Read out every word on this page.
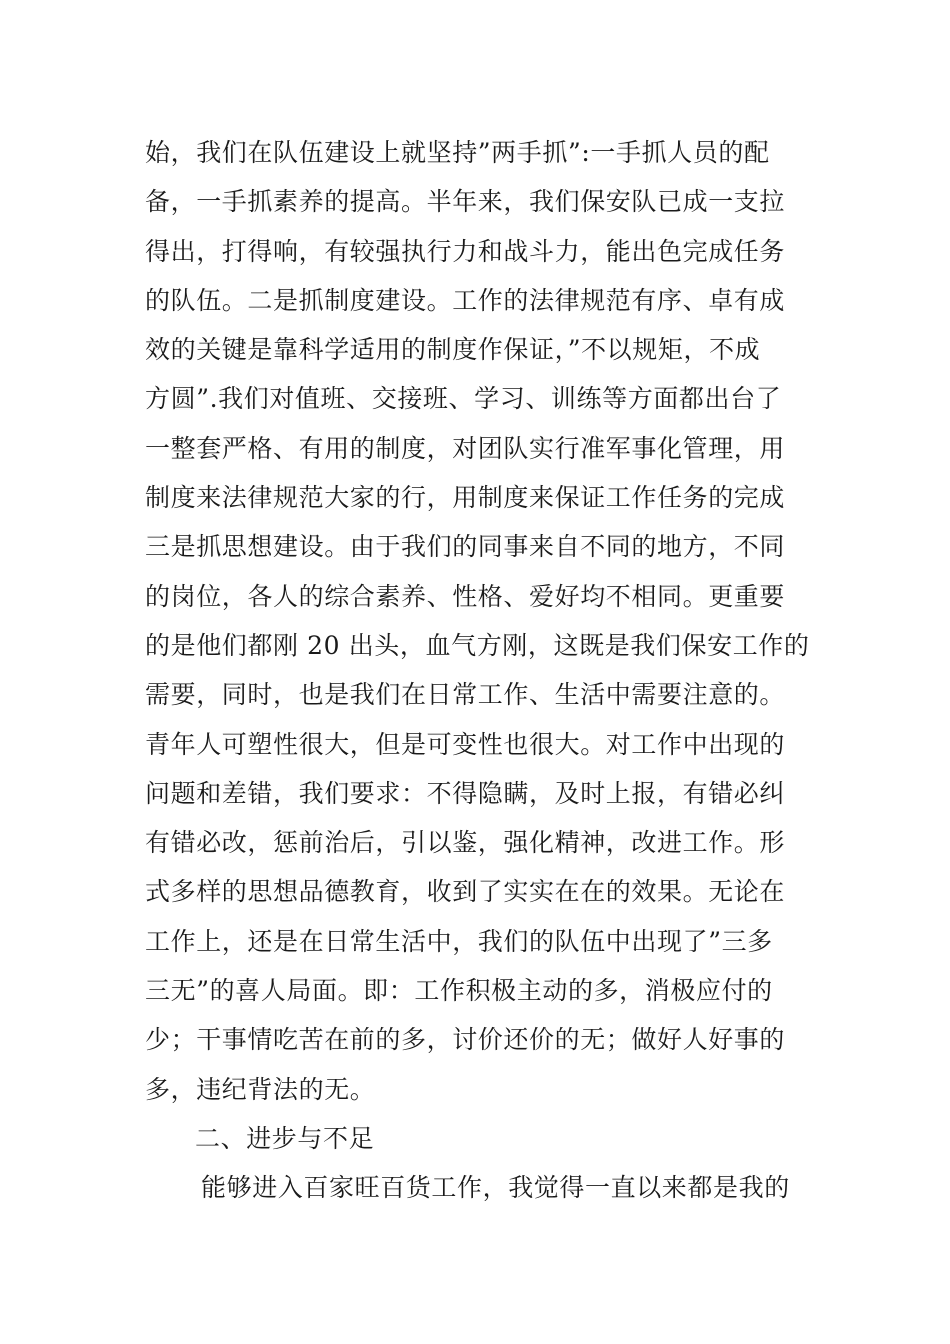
始，我们在队伍建设上就坚持”两手抓”:一手抓人员的配
备，一手抓素养的提高。半年来，我们保安队已成一支拉
得出，打得响，有较强执行力和战斗力，能出色完成任务
的队伍。二是抓制度建设。工作的法律规范有序、卓有成
效的关键是靠科学适用的制度作保证，”不以规矩，不成
方圆”.我们对值班、交接班、学习、训练等方面都出台了
一整套严格、有用的制度，对团队实行准军事化管理，用
制度来法律规范大家的行，用制度来保证工作任务的完成
三是抓思想建设。由于我们的同事来自不同的地方，不同
的岗位，各人的综合素养、性格、爱好均不相同。更重要
的是他们都刚 20 出头，血气方刚，这既是我们保安工作的
需要，同时，也是我们在日常工作、生活中需要注意的。
青年人可塑性很大，但是可变性也很大。对工作中出现的
问题和差错，我们要求：不得隐瞒，及时上报，有错必纠
有错必改，惩前治后，引以鉴，强化精神，改进工作。形
式多样的思想品德教育，收到了实实在在的效果。无论在
工作上，还是在日常生活中，我们的队伍中出现了”三多
三无”的喜人局面。即：工作积极主动的多，消极应付的
少；干事情吃苦在前的多，讨价还价的无；做好人好事的
多，违纪背法的无。
二、进步与不足
能够进入百家旺百货工作，我觉得一直以来都是我的
